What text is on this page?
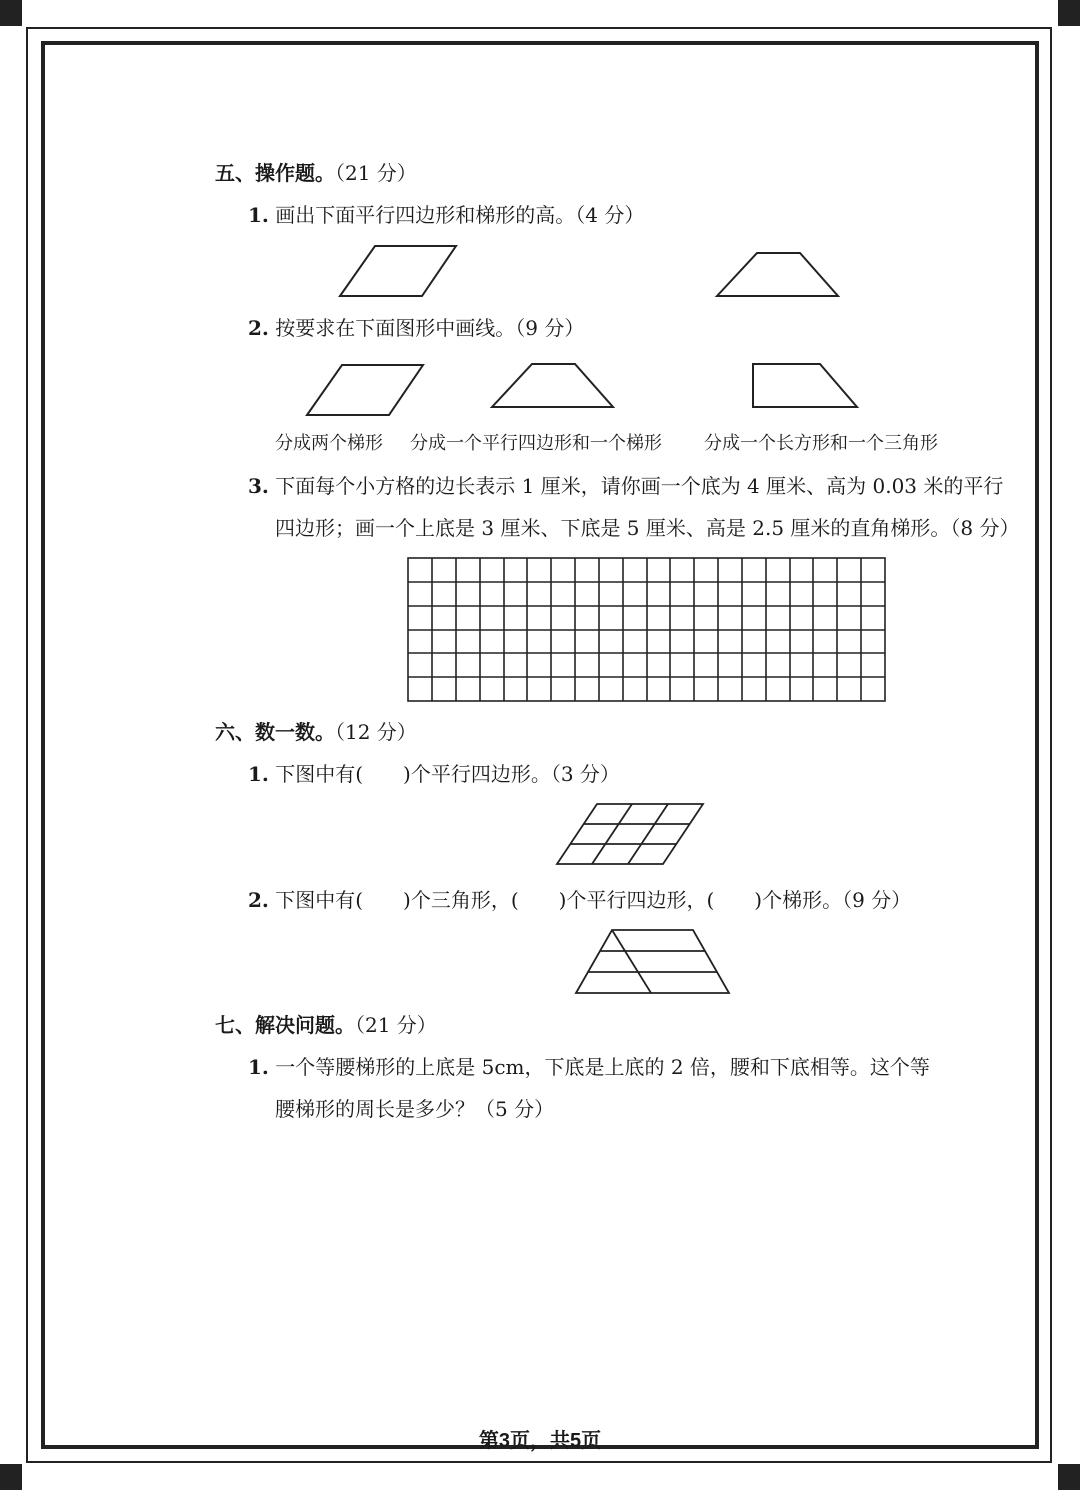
五、操作题。（21 分）
1. 画出下面平行四边形和梯形的高。（4 分）
2. 按要求在下面图形中画线。（9 分）
分成两个梯形 分成一个平行四边形和一个梯形 分成一个长方形和一个三角形
3. 下面每个小方格的边长表示 1 厘米，请你画一个底为 4 厘米、高为 0.03 米的平行
四边形；画一个上底是 3 厘米、下底是 5 厘米、高是 2.5 厘米的直角梯形。（8 分）
六、数一数。（12 分）
1. 下图中有(　　)个平行四边形。（3 分）
2. 下图中有(　　)个三角形，(　　)个平行四边形，(　　)个梯形。（9 分）
七、解决问题。（21 分）
1. 一个等腰梯形的上底是 5cm，下底是上底的 2 倍，腰和下底相等。这个等
腰梯形的周长是多少？（5 分）
第3页，共5页
